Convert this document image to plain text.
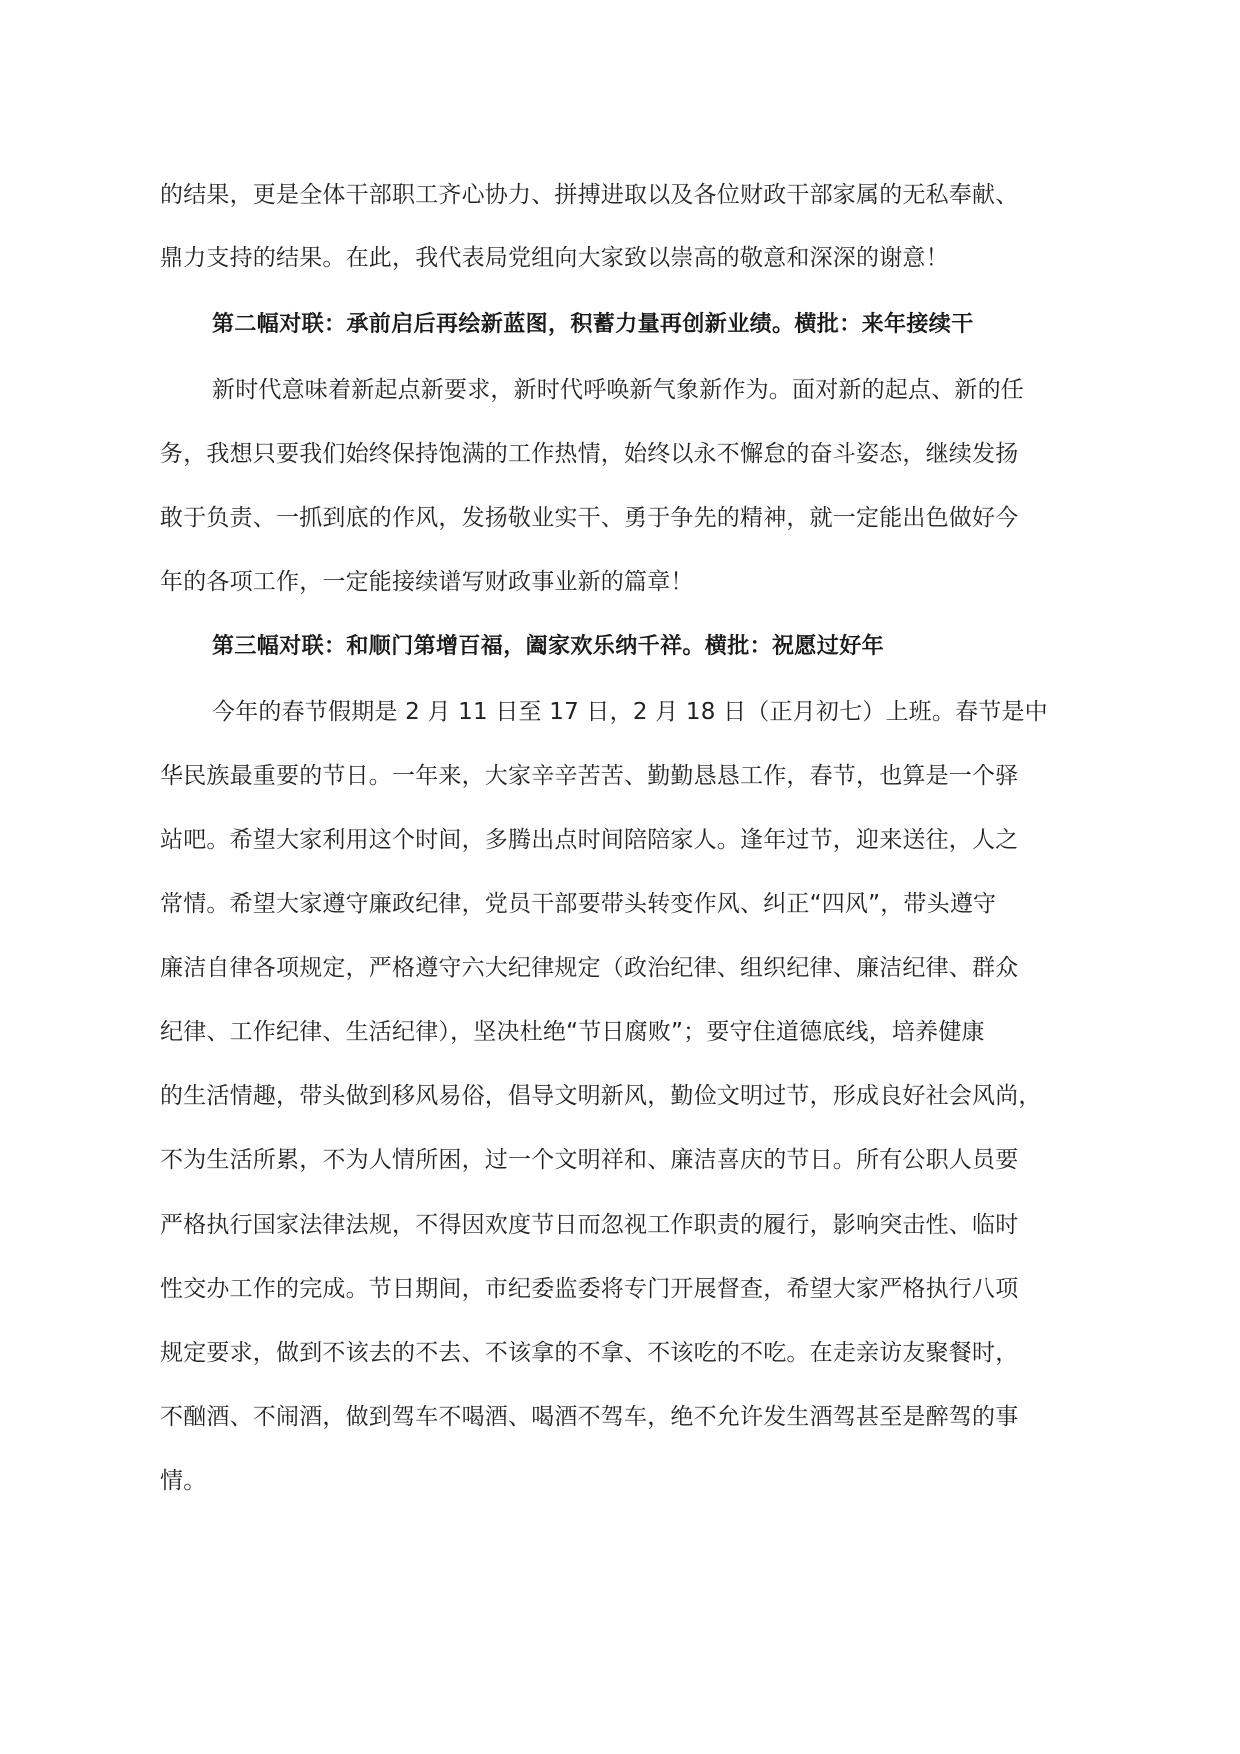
的结果，更是全体干部职工齐心协力、拼搏进取以及各位财政干部家属的无私奉献、
鼎力支持的结果。在此，我代表局党组向大家致以崇高的敬意和深深的谢意！
第二幅对联：承前启后再绘新蓝图，积蓄力量再创新业绩。横批：来年接续干
新时代意味着新起点新要求，新时代呼唤新气象新作为。面对新的起点、新的任
务，我想只要我们始终保持饱满的工作热情，始终以永不懈怠的奋斗姿态，继续发扬
敢于负责、一抓到底的作风，发扬敬业实干、勇于争先的精神，就一定能出色做好今
年的各项工作，一定能接续谱写财政事业新的篇章！
第三幅对联：和顺门第增百福，阖家欢乐纳千祥。横批：祝愿过好年
今年的春节假期是 2 月 11 日至 17 日，2 月 18 日（正月初七）上班。春节是中
华民族最重要的节日。一年来，大家辛辛苦苦、勤勤恳恳工作，春节，也算是一个驿
站吧。希望大家利用这个时间，多腾出点时间陪陪家人。逢年过节，迎来送往，人之
常情。希望大家遵守廉政纪律，党员干部要带头转变作风、纠正“四风”，带头遵守
廉洁自律各项规定，严格遵守六大纪律规定（政治纪律、组织纪律、廉洁纪律、群众
纪律、工作纪律、生活纪律），坚决杜绝“节日腐败”；要守住道德底线，培养健康
的生活情趣，带头做到移风易俗，倡导文明新风，勤俭文明过节，形成良好社会风尚，
不为生活所累，不为人情所困，过一个文明祥和、廉洁喜庆的节日。所有公职人员要
严格执行国家法律法规，不得因欢度节日而忽视工作职责的履行，影响突击性、临时
性交办工作的完成。节日期间，市纪委监委将专门开展督查，希望大家严格执行八项
规定要求，做到不该去的不去、不该拿的不拿、不该吃的不吃。在走亲访友聚餐时，
不酗酒、不闹酒，做到驾车不喝酒、喝酒不驾车，绝不允许发生酒驾甚至是醉驾的事
情。
